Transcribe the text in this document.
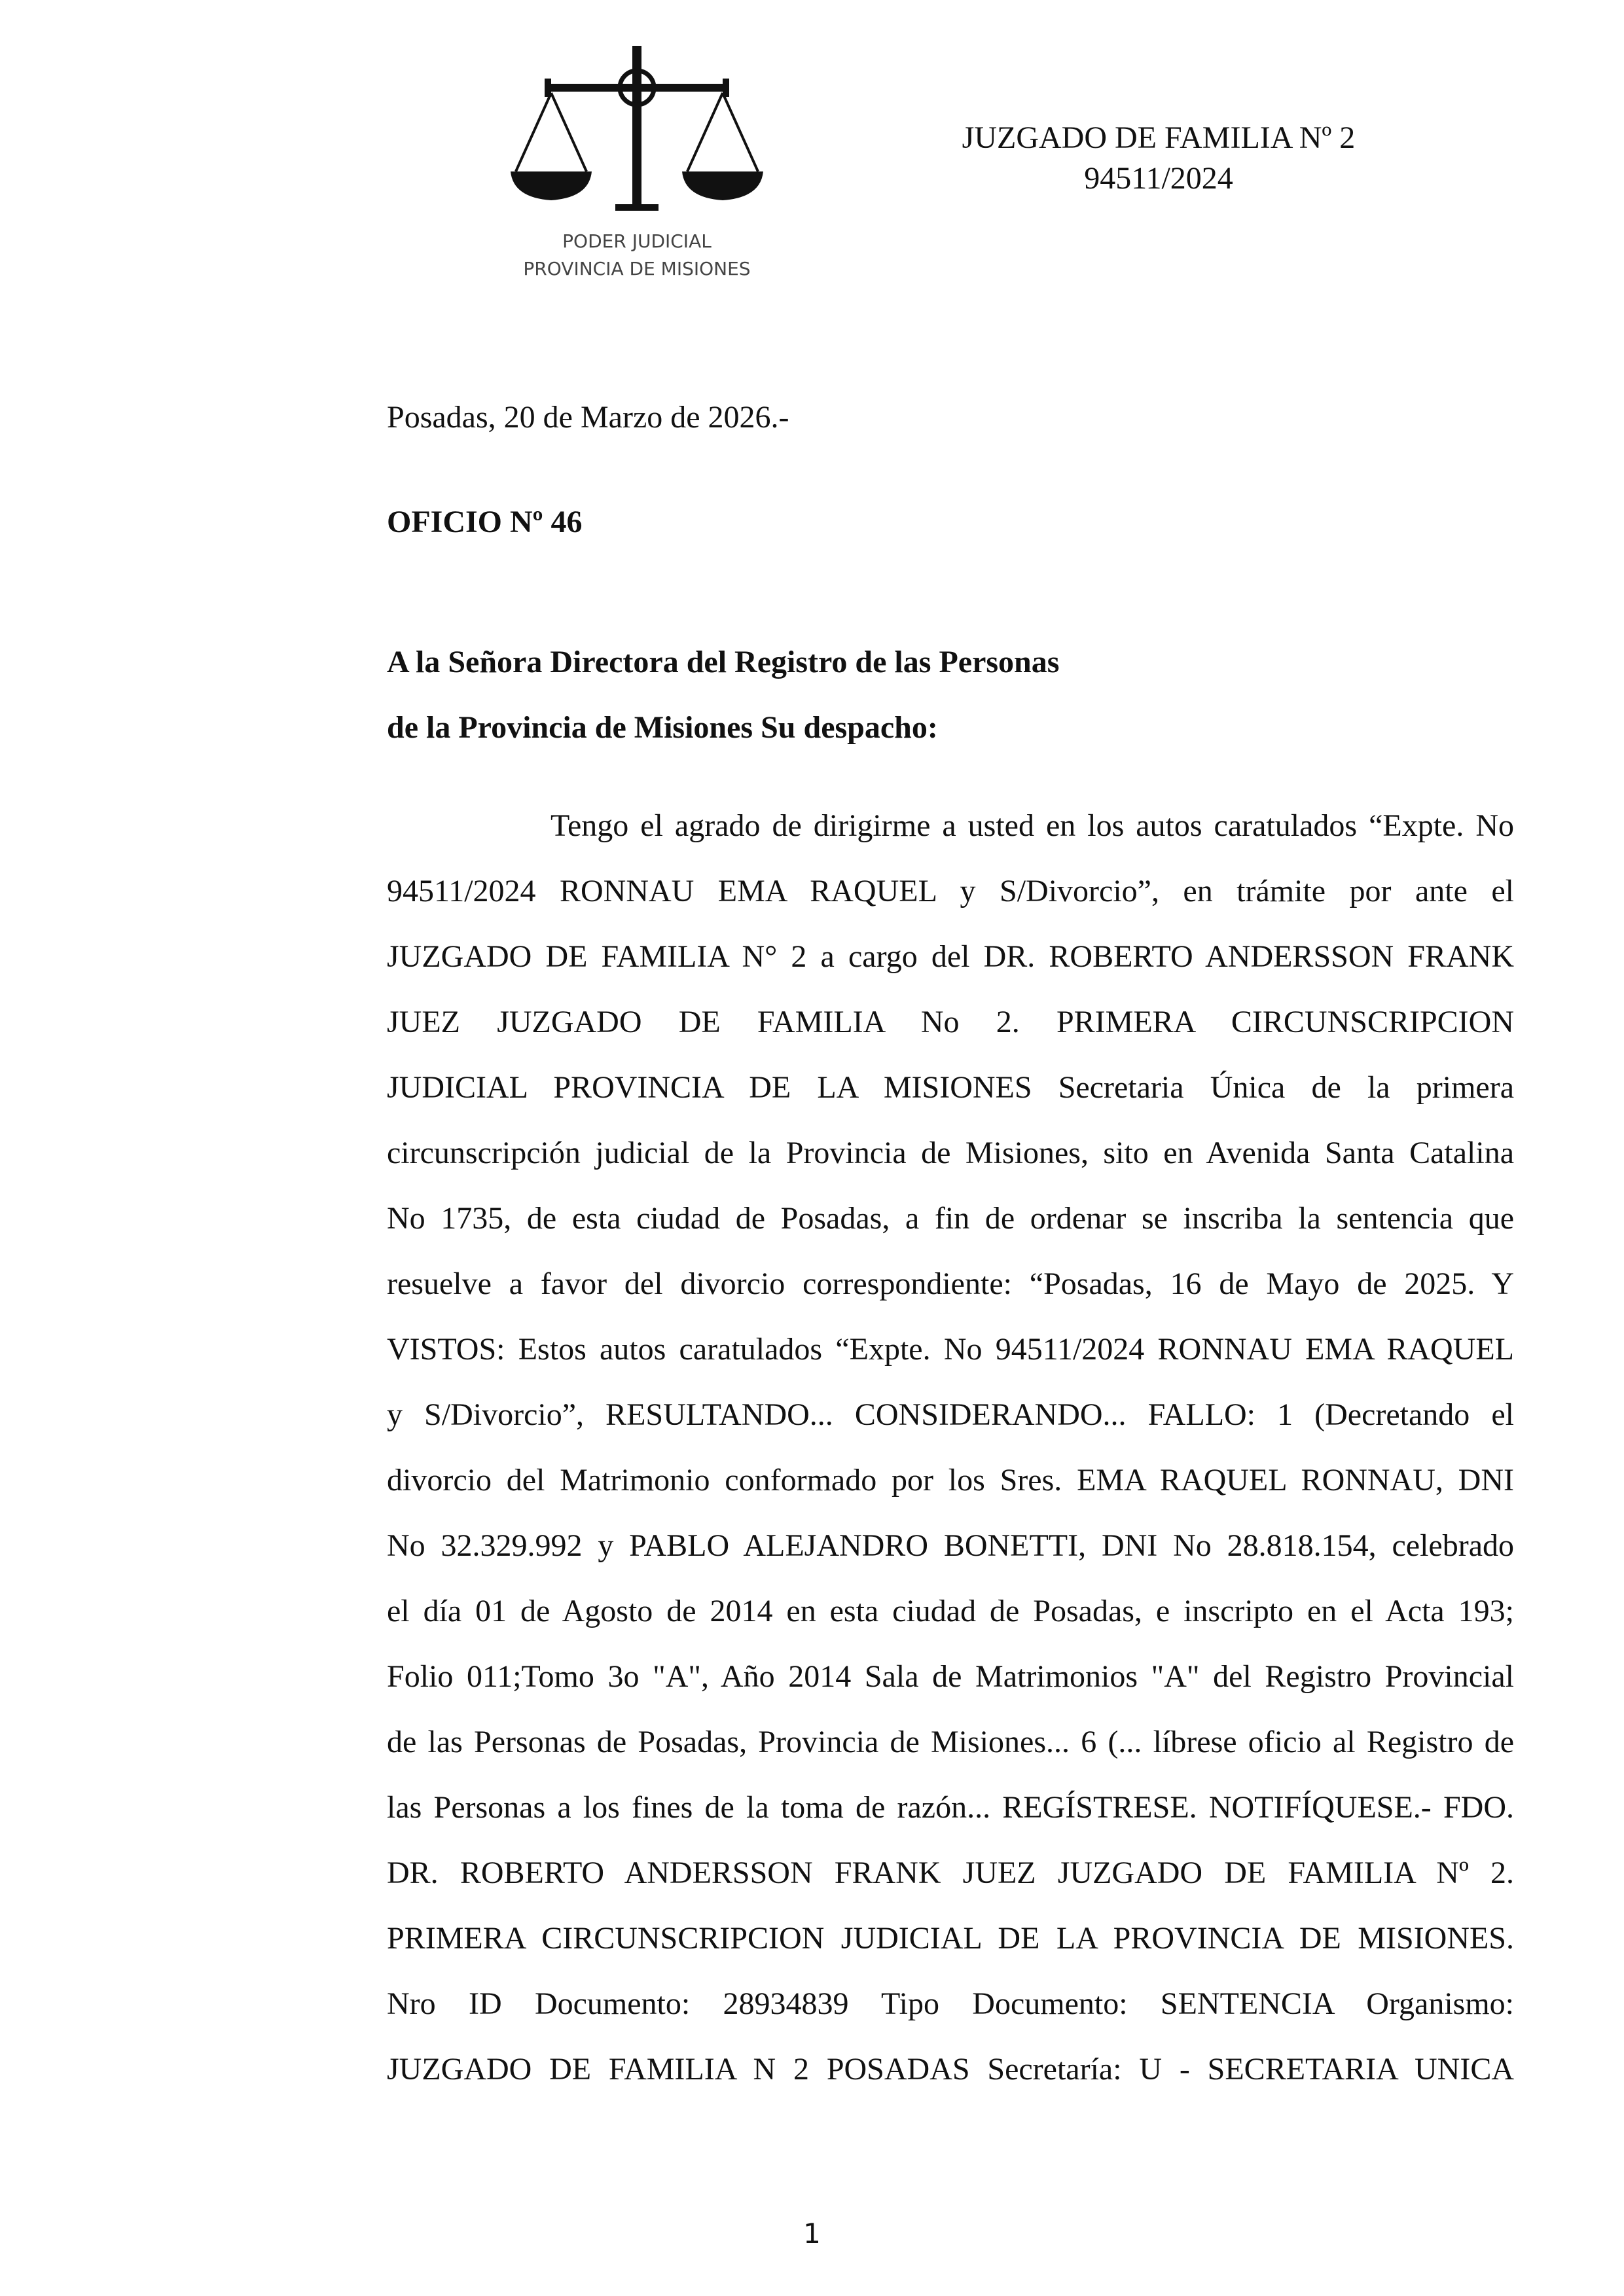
PODER JUDICIAL
PROVINCIA DE MISIONES
JUZGADO DE FAMILIA Nº 2
94511/2024
Posadas, 20 de Marzo de 2026.-
OFICIO Nº 46
A la Señora Directora del Registro de las Personas
de la Provincia de Misiones Su despacho:
Tengo el agrado de dirigirme a usted en los autos caratulados “Expte. No
94511/2024 RONNAU EMA RAQUEL y S/Divorcio”, en trámite por ante el
JUZGADO DE FAMILIA N° 2 a cargo del DR. ROBERTO ANDERSSON FRANK
JUEZ JUZGADO DE FAMILIA No 2. PRIMERA CIRCUNSCRIPCION
JUDICIAL PROVINCIA DE LA MISIONES Secretaria Única de la primera
circunscripción judicial de la Provincia de Misiones, sito en Avenida Santa Catalina
No 1735, de esta ciudad de Posadas, a fin de ordenar se inscriba la sentencia que
resuelve a favor del divorcio correspondiente: “Posadas, 16 de Mayo de 2025. Y
VISTOS: Estos autos caratulados “Expte. No 94511/2024 RONNAU EMA RAQUEL
y S/Divorcio”, RESULTANDO... CONSIDERANDO... FALLO: 1 (Decretando el
divorcio del Matrimonio conformado por los Sres. EMA RAQUEL RONNAU, DNI
No 32.329.992 y PABLO ALEJANDRO BONETTI, DNI No 28.818.154, celebrado
el día 01 de Agosto de 2014 en esta ciudad de Posadas, e inscripto en el Acta 193;
Folio 011;Tomo 3o "A", Año 2014 Sala de Matrimonios "A" del Registro Provincial
de las Personas de Posadas, Provincia de Misiones... 6 (... líbrese oficio al Registro de
las Personas a los fines de la toma de razón... REGÍSTRESE. NOTIFÍQUESE.- FDO.
DR. ROBERTO ANDERSSON FRANK JUEZ JUZGADO DE FAMILIA Nº 2.
PRIMERA CIRCUNSCRIPCION JUDICIAL DE LA PROVINCIA DE MISIONES.
Nro ID Documento: 28934839 Tipo Documento: SENTENCIA Organismo:
JUZGADO DE FAMILIA N 2 POSADAS Secretaría: U - SECRETARIA UNICA
1
